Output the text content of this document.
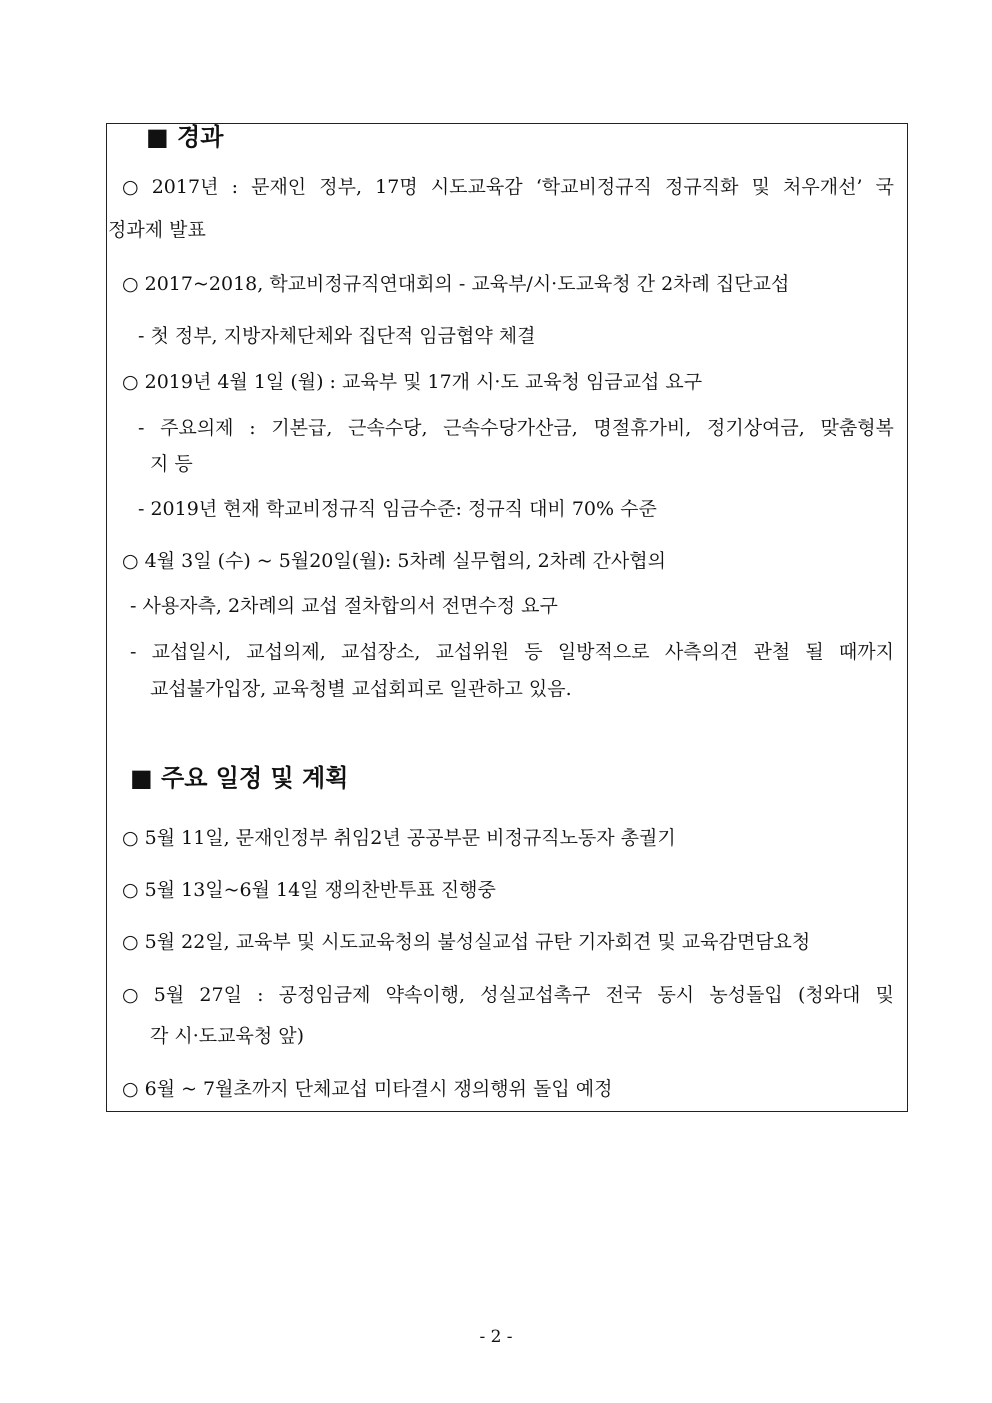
■ 경과
○ 2017년 : 문재인 정부, 17명 시도교육감 ‘학교비정규직 정규직화 및 처우개선’ 국
정과제 발표
○ 2017~2018, 학교비정규직연대회의 - 교육부/시·도교육청 간 2차례 집단교섭
- 첫 정부, 지방자체단체와 집단적 임금협약 체결
○ 2019년 4월 1일 (월) : 교육부 및 17개 시·도 교육청 임금교섭 요구
- 주요의제 : 기본급, 근속수당, 근속수당가산금, 명절휴가비, 정기상여금, 맞춤형복
지 등
- 2019년 현재 학교비정규직 임금수준: 정규직 대비 70% 수준
○ 4월 3일 (수) ~ 5월20일(월): 5차례 실무협의, 2차례 간사협의
- 사용자측, 2차례의 교섭 절차합의서 전면수정 요구
- 교섭일시, 교섭의제, 교섭장소, 교섭위원 등 일방적으로 사측의견 관철 될 때까지
교섭불가입장, 교육청별 교섭회피로 일관하고 있음.
■ 주요 일정 및 계획
○ 5월 11일, 문재인정부 취임2년 공공부문 비정규직노동자 총궐기
○ 5월 13일~6월 14일 쟁의찬반투표 진행중
○ 5월 22일, 교육부 및 시도교육청의 불성실교섭 규탄 기자회견 및 교육감면담요청
○ 5월 27일 : 공정임금제 약속이행, 성실교섭촉구 전국 동시 농성돌입 (청와대 및
각 시·도교육청 앞)
○ 6월 ~ 7월초까지 단체교섭 미타결시 쟁의행위 돌입 예정
- 2 -
